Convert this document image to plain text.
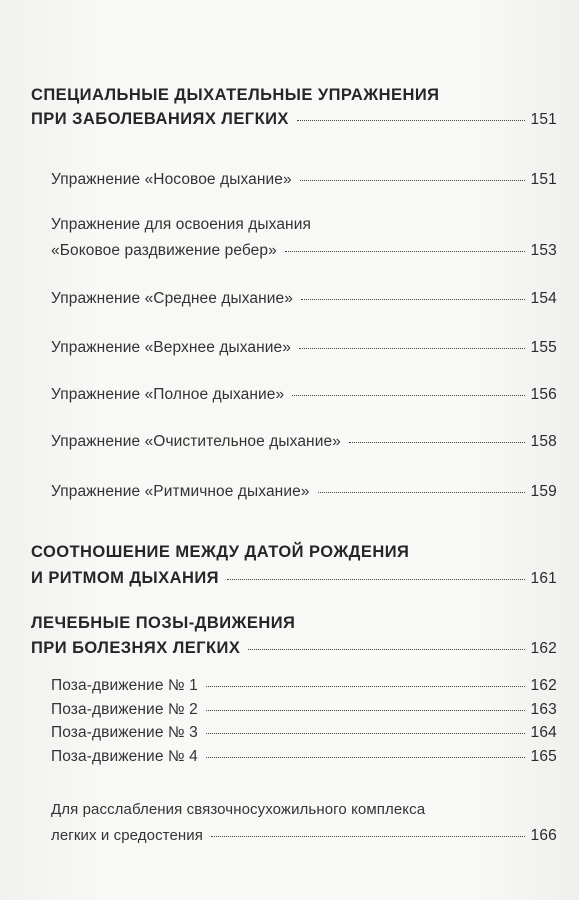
СПЕЦИАЛЬНЫЕ ДЫХАТЕЛЬНЫЕ УПРАЖНЕНИЯ
ПРИ ЗАБОЛЕВАНИЯХ ЛЕГКИХ	151
Упражнение «Носовое дыхание»	151
Упражнение для освоения дыхания
«Боковое раздвижение ребер»	153
Упражнение «Среднее дыхание»	154
Упражнение «Верхнее дыхание»	155
Упражнение «Полное дыхание»	156
Упражнение «Очистительное дыхание»	158
Упражнение «Ритмичное дыхание»	159
СООТНОШЕНИЕ МЕЖДУ ДАТОЙ РОЖДЕНИЯ
И РИТМОМ ДЫХАНИЯ	161
ЛЕЧЕБНЫЕ ПОЗЫ-ДВИЖЕНИЯ
ПРИ БОЛЕЗНЯХ ЛЕГКИХ	162
Поза-движение № 1	162
Поза-движение № 2	163
Поза-движение № 3	164
Поза-движение № 4	165
Для расслабления связочносухожильного комплекса
легких и средостения	166
